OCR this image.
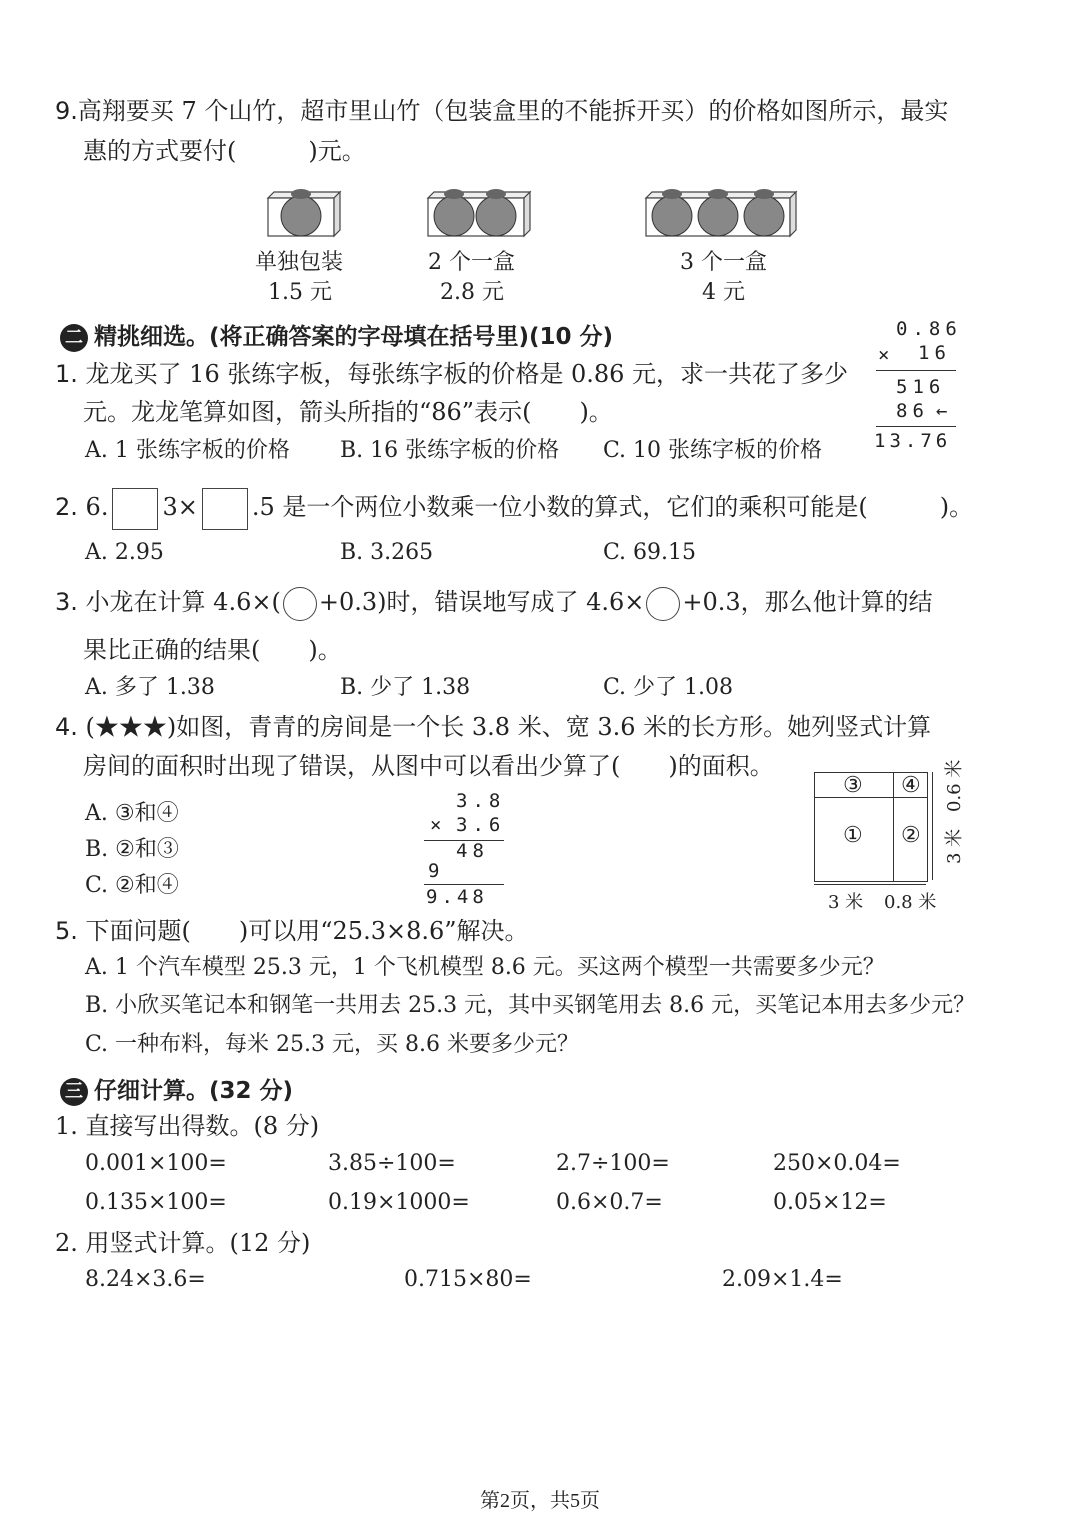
9.高翔要买 7 个山竹，超市里山竹（包装盒里的不能拆开买）的价格如图所示，最实
惠的方式要付(　　　)元。
单独包装
1.5 元
2 个一盒
2.8 元
3 个一盒
4 元
二 精挑细选。(将正确答案的字母填在括号里)(10 分)
1. 龙龙买了 16 张练字板，每张练字板的价格是 0.86 元，求一共花了多少
元。龙龙笔算如图，箭头所指的“86”表示(　　)。
A. 1 张练字板的价格 B. 16 张练字板的价格 C. 10 张练字板的价格
0.86
× 16
516
86 ←
13.76
2. 6. 3× .5 是一个两位小数乘一位小数的算式，它们的乘积可能是(　　　)。
A. 2.95	B. 3.265	C. 69.15
3. 小龙在计算 4.6×( +0.3)时，错误地写成了 4.6× +0.3，那么他计算的结
果比正确的结果(　　)。
A. 多了 1.38	B. 少了 1.38	C. 少了 1.08
4. (★★★)如图，青青的房间是一个长 3.8 米、宽 3.6 米的长方形。她列竖式计算
房间的面积时出现了错误，从图中可以看出少算了(　　)的面积。
A. ③和④
B. ②和③
C. ②和④
3.8
× 3.6
48
9
9.48
③ ④
① ②
3 米 0.8 米
0.6 米
3 米
5. 下面问题(　　)可以用“25.3×8.6”解决。
A. 1 个汽车模型 25.3 元，1 个飞机模型 8.6 元。买这两个模型一共需要多少元？
B. 小欣买笔记本和钢笔一共用去 25.3 元，其中买钢笔用去 8.6 元，买笔记本用去多少元？
C. 一种布料，每米 25.3 元，买 8.6 米要多少元？
三 仔细计算。(32 分)
1. 直接写出得数。(8 分)
0.001×100=	3.85÷100=	2.7÷100=	250×0.04=
0.135×100=	0.19×1000=	0.6×0.7=	0.05×12=
2. 用竖式计算。(12 分)
8.24×3.6=	0.715×80=	2.09×1.4=
第2页，共5页
